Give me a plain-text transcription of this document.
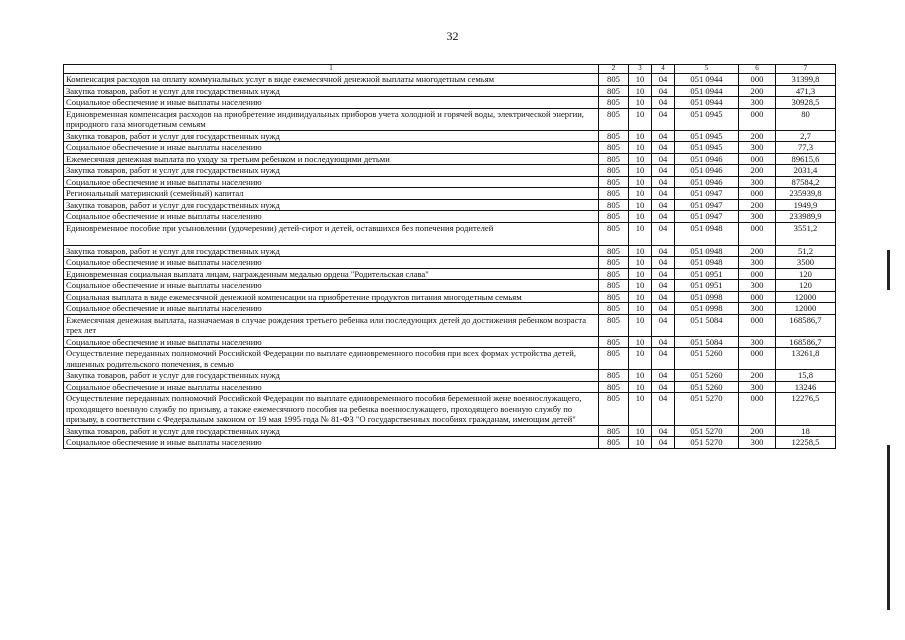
32
1	2	3	4	5	6	7
Компенсация расходов на оплату коммунальных услуг в виде ежемесячной денежной выплаты многодетным семьям	805	10	04	051 0944	000	31399,8
Закупка товаров, работ и услуг для государственных нужд	805	10	04	051 0944	200	471,3
Социальное обеспечение и иные выплаты населению	805	10	04	051 0944	300	30928,5
Единовременная компенсация расходов на приобретение индивидуальных приборов учета холодной и горячей воды, электрической энергии, природного газа многодетным семьям	805	10	04	051 0945	000	80
Закупка товаров, работ и услуг для государственных нужд	805	10	04	051 0945	200	2,7
Социальное обеспечение и иные выплаты населению	805	10	04	051 0945	300	77,3
Ежемесячная денежная выплата по уходу за третьим ребенком и последующими детьми	805	10	04	051 0946	000	89615,6
Закупка товаров, работ и услуг для государственных нужд	805	10	04	051 0946	200	2031,4
Социальное обеспечение и иные выплаты населению	805	10	04	051 0946	300	87584,2
Региональный материнский (семейный) капитал	805	10	04	051 0947	000	235939,8
Закупка товаров, работ и услуг для государственных нужд	805	10	04	051 0947	200	1949,9
Социальное обеспечение и иные выплаты населению	805	10	04	051 0947	300	233989,9
Единовременное пособие при усыновлении (удочерении) детей-сирот и детей, оставшихся без попечения родителей	805	10	04	051 0948	000	3551,2
Закупка товаров, работ и услуг для государственных нужд	805	10	04	051 0948	200	51,2
Социальное обеспечение и иные выплаты населению	805	10	04	051 0948	300	3500
Единовременная социальная выплата лицам, награжденным медалью ордена "Родительская слава"	805	10	04	051 0951	000	120
Социальное обеспечение и иные выплаты населению	805	10	04	051 0951	300	120
Социальная выплата в виде ежемесячной денежной компенсации на приобретение продуктов питания многодетным семьям	805	10	04	051 0998	000	12000
Социальное обеспечение и иные выплаты населению	805	10	04	051 0998	300	12000
Ежемесячная денежная выплата, назначаемая в случае рождения третьего ребенка или последующих детей до достижения ребенком возраста трех лет	805	10	04	051 5084	000	168586,7
Социальное обеспечение и иные выплаты населению	805	10	04	051 5084	300	168586,7
Осуществление переданных полномочий Российской Федерации по выплате единовременного пособия при всех формах устройства детей, лишенных родительского попечения, в семью	805	10	04	051 5260	000	13261,8
Закупка товаров, работ и услуг для государственных нужд	805	10	04	051 5260	200	15,8
Социальное обеспечение и иные выплаты населению	805	10	04	051 5260	300	13246
Осуществление переданных полномочий Российской Федерации по выплате единовременного пособия беременной жене военнослужащего, проходящего военную службу по призыву, а также ежемесячного пособия на ребенка военнослужащего, проходящего военную службу по призыву, в соответствии с Федеральным законом от 19 мая 1995 года № 81-ФЗ "О государственных пособиях гражданам, имеющим детей"	805	10	04	051 5270	000	12276,5
Закупка товаров, работ и услуг для государственных нужд	805	10	04	051 5270	200	18
Социальное обеспечение и иные выплаты населению	805	10	04	051 5270	300	12258,5
